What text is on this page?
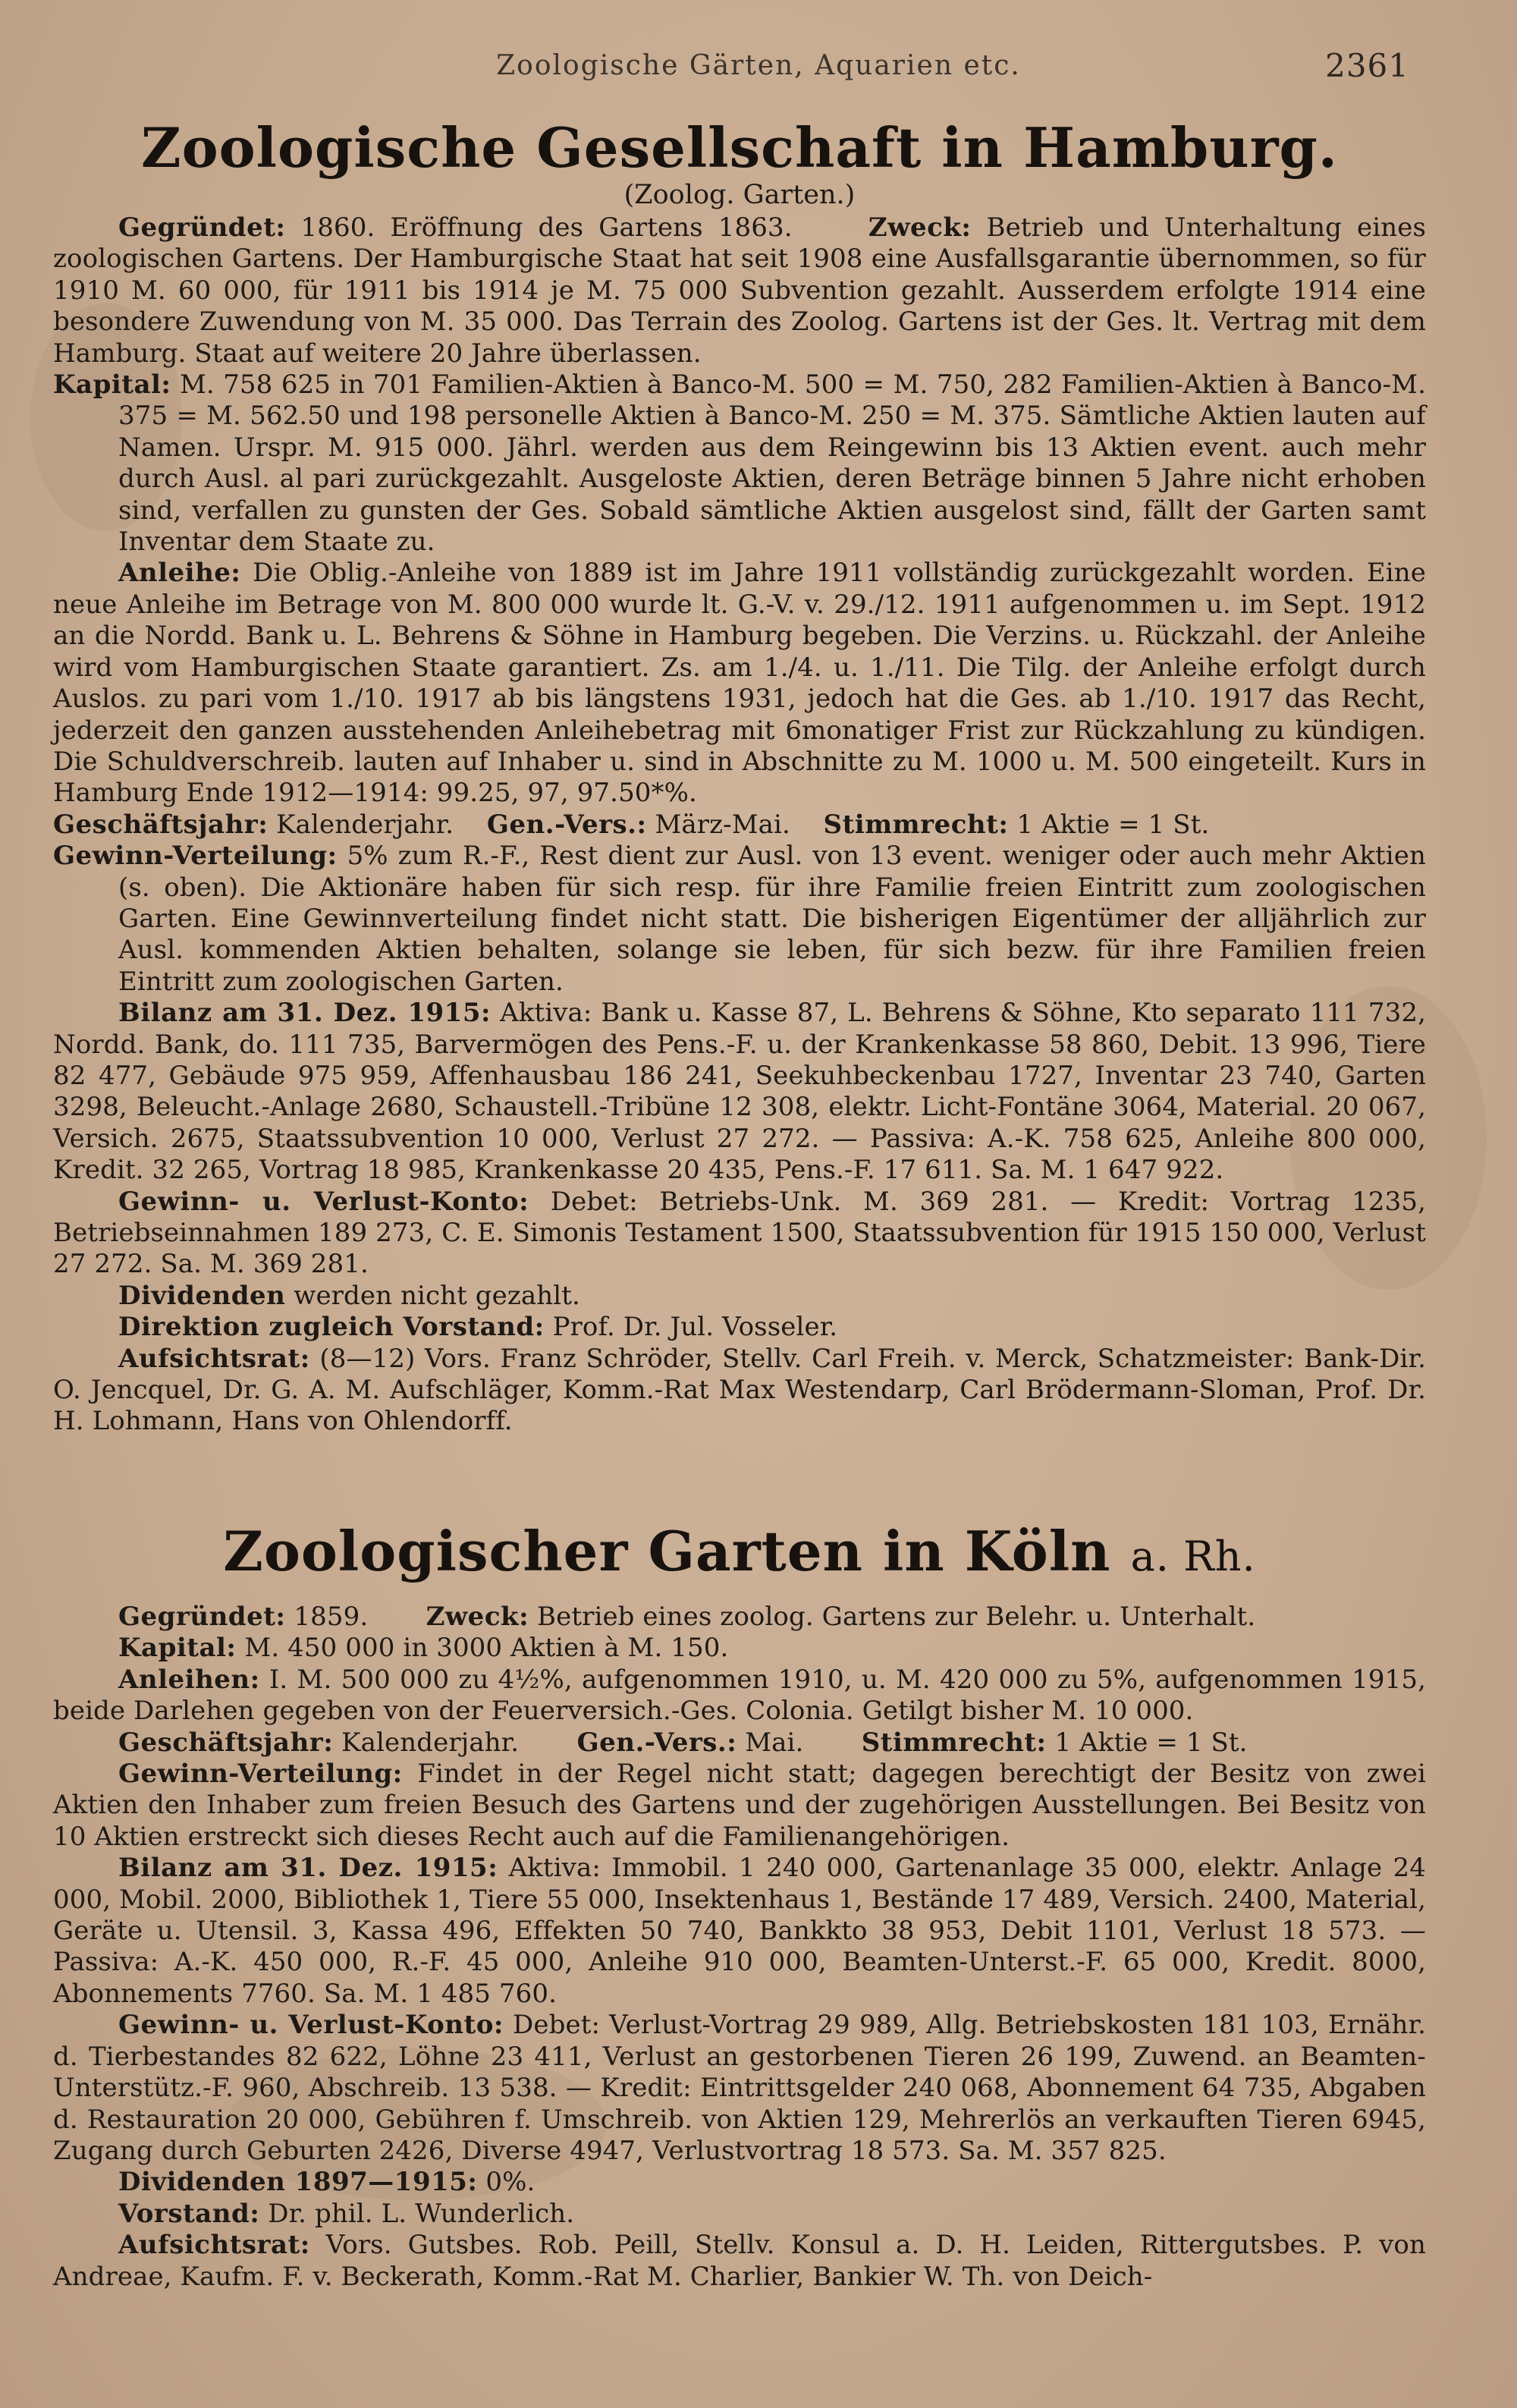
Zoologische Gärten, Aquarien etc.	2361
Zoologische Gesellschaft in Hamburg.
(Zoolog. Garten.)

Gegründet: 1860. Eröffnung des Gartens 1863.	Zweck: Betrieb und Unterhaltung eines zoologischen Gartens. Der Hamburgische Staat hat seit 1908 eine Ausfallsgarantie übernommen, so für 1910 M. 60 000, für 1911 bis 1914 je M. 75 000 Subvention gezahlt. Ausserdem erfolgte 1914 eine besondere Zuwendung von M. 35 000. Das Terrain des Zoolog. Gartens ist der Ges. lt. Vertrag mit dem Hamburg. Staat auf weitere 20 Jahre überlassen.

Kapital: M. 758 625 in 701 Familien-Aktien à Banco-M. 500 = M. 750, 282 Familien-Aktien à Banco-M. 375 = M. 562.50 und 198 personelle Aktien à Banco-M. 250 = M. 375. Sämtliche Aktien lauten auf Namen. Urspr. M. 915 000. Jährl. werden aus dem Reingewinn bis 13 Aktien event. auch mehr durch Ausl. al pari zurückgezahlt. Ausgeloste Aktien, deren Beträge binnen 5 Jahre nicht erhoben sind, verfallen zu gunsten der Ges. Sobald sämtliche Aktien ausgelost sind, fällt der Garten samt Inventar dem Staate zu.

Anleihe: Die Oblig.-Anleihe von 1889 ist im Jahre 1911 vollständig zurückgezahlt worden. Eine neue Anleihe im Betrage von M. 800 000 wurde lt. G.-V. v. 29./12. 1911 aufgenommen u. im Sept. 1912 an die Nordd. Bank u. L. Behrens & Söhne in Hamburg begeben. Die Verzins. u. Rückzahl. der Anleihe wird vom Hamburgischen Staate garantiert. Zs. am 1./4. u. 1./11. Die Tilg. der Anleihe erfolgt durch Auslos. zu pari vom 1./10. 1917 ab bis längstens 1931, jedoch hat die Ges. ab 1./10. 1917 das Recht, jederzeit den ganzen ausstehenden Anleihebetrag mit 6monatiger Frist zur Rückzahlung zu kündigen. Die Schuldverschreib. lauten auf Inhaber u. sind in Abschnitte zu M. 1000 u. M. 500 eingeteilt. Kurs in Hamburg Ende 1912—1914: 99.25, 97, 97.50*%.

Geschäftsjahr: Kalenderjahr. Gen.-Vers.: März-Mai. Stimmrecht: 1 Aktie = 1 St.

Gewinn-Verteilung: 5% zum R.-F., Rest dient zur Ausl. von 13 event. weniger oder auch mehr Aktien (s. oben). Die Aktionäre haben für sich resp. für ihre Familie freien Eintritt zum zoologischen Garten. Eine Gewinnverteilung findet nicht statt. Die bisherigen Eigentümer der alljährlich zur Ausl. kommenden Aktien behalten, solange sie leben, für sich bezw. für ihre Familien freien Eintritt zum zoologischen Garten.

Bilanz am 31. Dez. 1915: Aktiva: Bank u. Kasse 87, L. Behrens & Söhne, Kto separato 111 732, Nordd. Bank, do. 111 735, Barvermögen des Pens.-F. u. der Krankenkasse 58 860, Debit. 13 996, Tiere 82 477, Gebäude 975 959, Affenhausbau 186 241, Seekuhbeckenbau 1727, Inventar 23 740, Garten 3298, Beleucht.-Anlage 2680, Schaustell.-Tribüne 12 308, elektr. Licht-Fontäne 3064, Material. 20 067, Versich. 2675, Staatssubvention 10 000, Verlust 27 272. — Passiva: A.-K. 758 625, Anleihe 800 000, Kredit. 32 265, Vortrag 18 985, Krankenkasse 20 435, Pens.-F. 17 611. Sa. M. 1 647 922.

Gewinn- u. Verlust-Konto: Debet: Betriebs-Unk. M. 369 281. — Kredit: Vortrag 1235, Betriebseinnahmen 189 273, C. E. Simonis Testament 1500, Staatssubvention für 1915 150 000, Verlust 27 272. Sa. M. 369 281.

Dividenden werden nicht gezahlt.

Direktion zugleich Vorstand: Prof. Dr. Jul. Vosseler.

Aufsichtsrat: (8—12) Vors. Franz Schröder, Stellv. Carl Freih. v. Merck, Schatzmeister: Bank-Dir. O. Jencquel, Dr. G. A. M. Aufschläger, Komm.-Rat Max Westendarp, Carl Brödermann-Sloman, Prof. Dr. H. Lohmann, Hans von Ohlendorff.

Zoologischer Garten in Köln a. Rh.

Gegründet: 1859. Zweck: Betrieb eines zoolog. Gartens zur Belehr. u. Unterhalt.

Kapital: M. 450 000 in 3000 Aktien à M. 150.

Anleihen: I. M. 500 000 zu 4½%, aufgenommen 1910, u. M. 420 000 zu 5%, aufgenommen 1915, beide Darlehen gegeben von der Feuerversich.-Ges. Colonia. Getilgt bisher M. 10 000.

Geschäftsjahr: Kalenderjahr. Gen.-Vers.: Mai. Stimmrecht: 1 Aktie = 1 St.

Gewinn-Verteilung: Findet in der Regel nicht statt; dagegen berechtigt der Besitz von zwei Aktien den Inhaber zum freien Besuch des Gartens und der zugehörigen Ausstellungen. Bei Besitz von 10 Aktien erstreckt sich dieses Recht auch auf die Familienangehörigen.

Bilanz am 31. Dez. 1915: Aktiva: Immobil. 1 240 000, Gartenanlage 35 000, elektr. Anlage 24 000, Mobil. 2000, Bibliothek 1, Tiere 55 000, Insektenhaus 1, Bestände 17 489, Versich. 2400, Material, Geräte u. Utensil. 3, Kassa 496, Effekten 50 740, Bankkto 38 953, Debit 1101, Verlust 18 573. — Passiva: A.-K. 450 000, R.-F. 45 000, Anleihe 910 000, Beamten-Unterst.-F. 65 000, Kredit. 8000, Abonnements 7760. Sa. M. 1 485 760.

Gewinn- u. Verlust-Konto: Debet: Verlust-Vortrag 29 989, Allg. Betriebskosten 181 103, Ernähr. d. Tierbestandes 82 622, Löhne 23 411, Verlust an gestorbenen Tieren 26 199, Zuwend. an Beamten-Unterstütz.-F. 960, Abschreib. 13 538. — Kredit: Eintrittsgelder 240 068, Abonnement 64 735, Abgaben d. Restauration 20 000, Gebühren f. Umschreib. von Aktien 129, Mehrerlös an verkauften Tieren 6945, Zugang durch Geburten 2426, Diverse 4947, Verlustvortrag 18 573. Sa. M. 357 825.

Dividenden 1897—1915: 0%.

Vorstand: Dr. phil. L. Wunderlich.

Aufsichtsrat: Vors. Gutsbes. Rob. Peill, Stellv. Konsul a. D. H. Leiden, Rittergutsbes. P. von Andreae, Kaufm. F. v. Beckerath, Komm.-Rat M. Charlier, Bankier W. Th. von Deich-
